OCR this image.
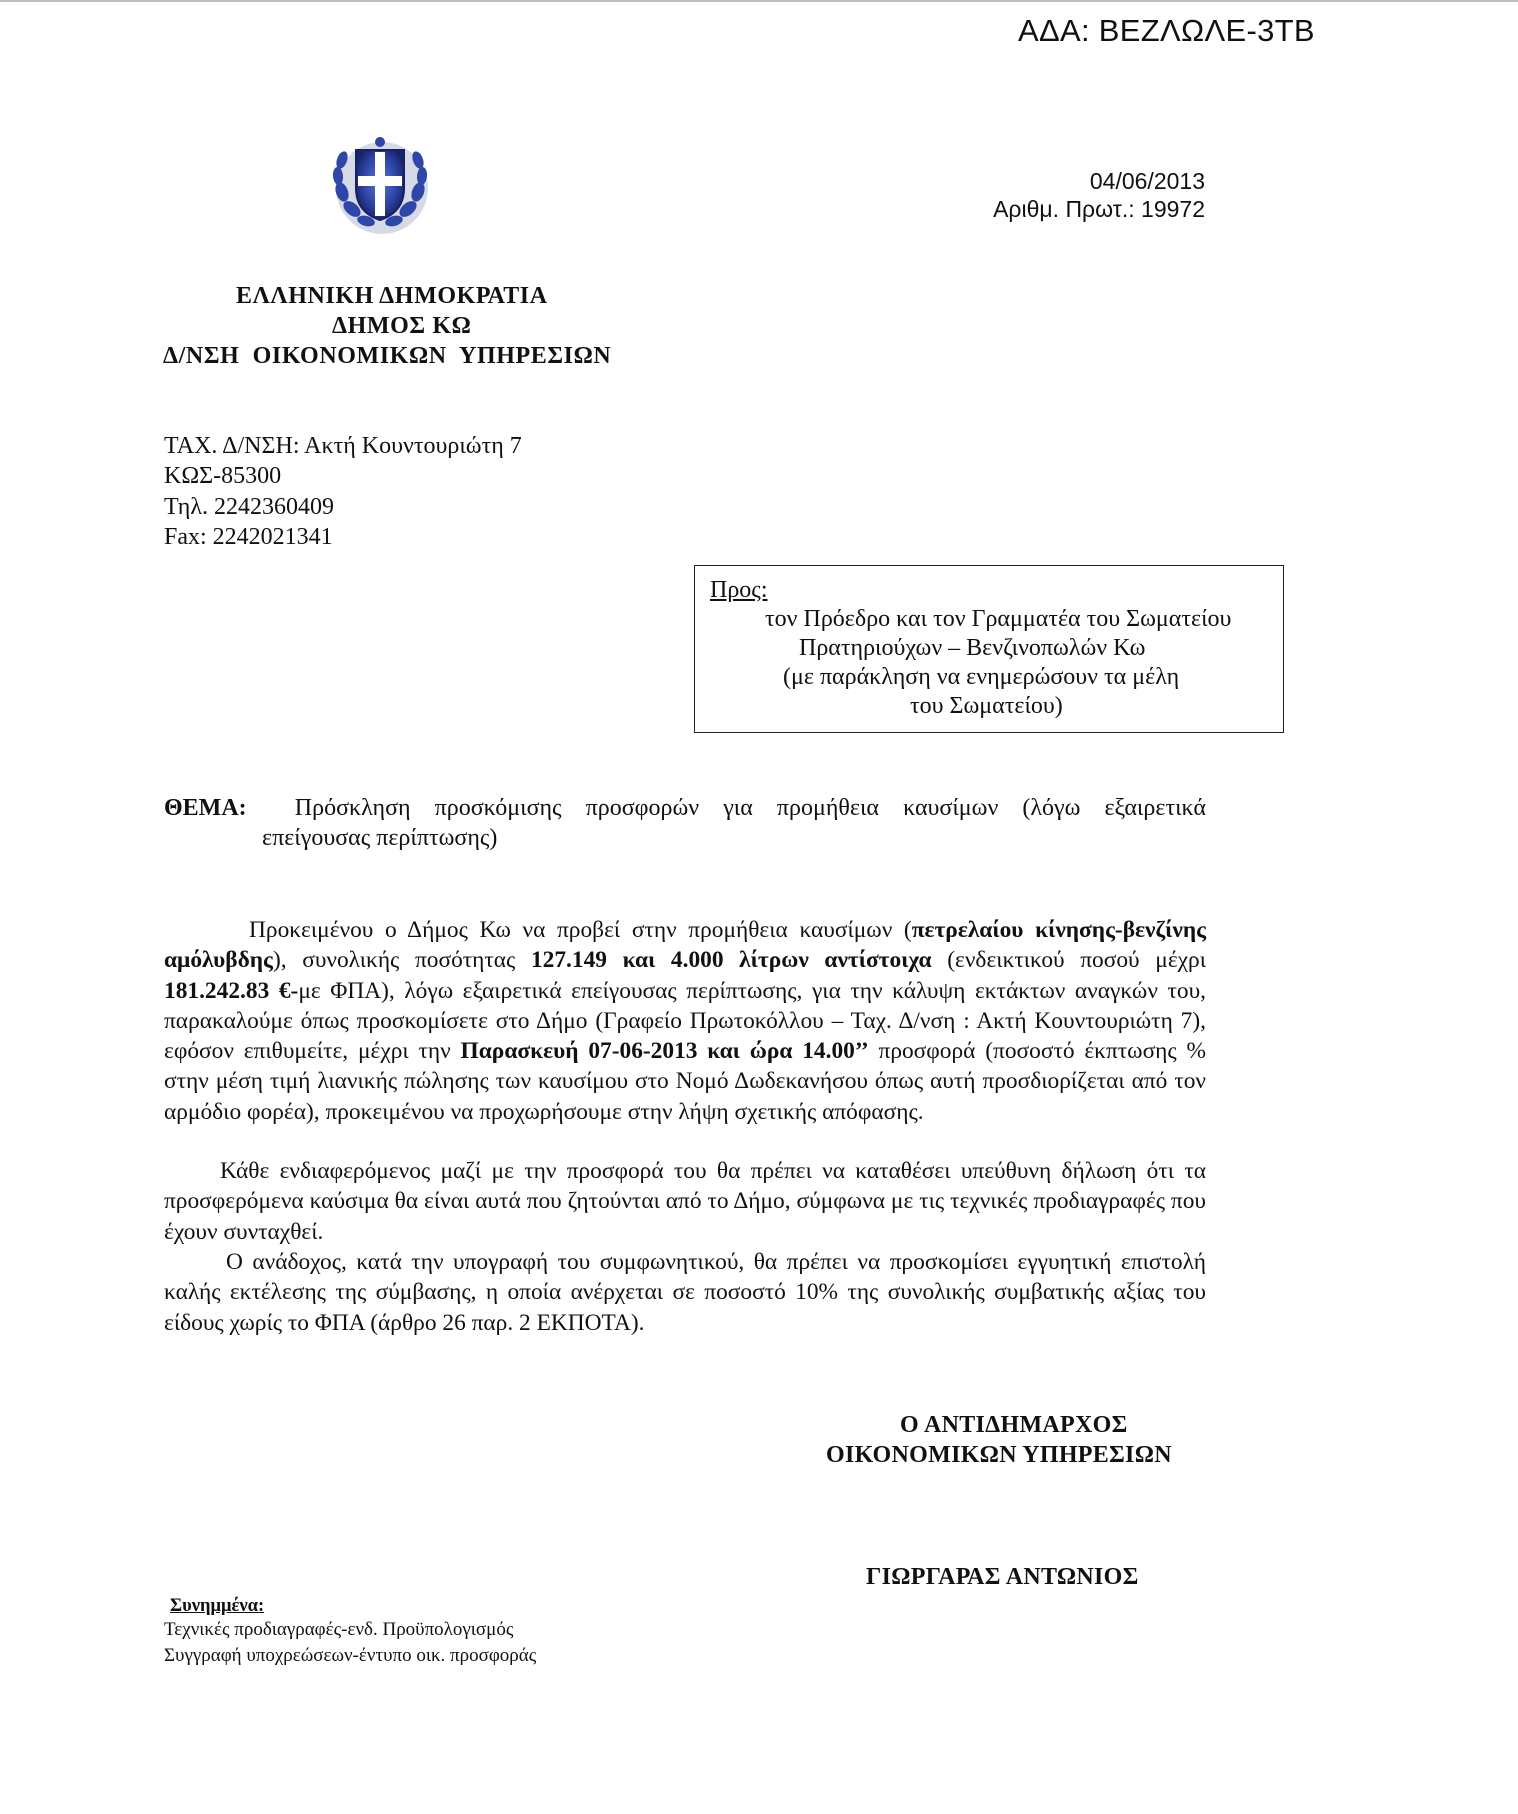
ΑΔΑ: ΒΕΖΛΩΛΕ-3ΤΒ
04/06/2013
Αριθμ. Πρωτ.: 19972
ΕΛΛΗΝΙΚΗ ΔΗΜΟΚΡΑΤΙΑ
ΔΗΜΟΣ ΚΩ
Δ/ΝΣΗ  ΟΙΚΟΝΟΜΙΚΩΝ  ΥΠΗΡΕΣΙΩΝ
ΤΑΧ. Δ/ΝΣΗ: Ακτή Κουντουριώτη 7
ΚΩΣ-85300
Τηλ. 2242360409
Fax: 2242021341
Προς:
τον Πρόεδρο και τον Γραμματέα του Σωματείου
Πρατηριούχων – Βενζινοπωλών Κω
(με παράκληση να ενημερώσουν τα μέλη
του Σωματείου)
ΘΕΜΑ: Πρόσκληση προσκόμισης προσφορών για προμήθεια καυσίμων (λόγω εξαιρετικά
επείγουσας περίπτωσης)
Προκειμένου ο Δήμος Κω να προβεί στην προμήθεια καυσίμων (πετρελαίου κίνησης-βενζίνης αμόλυβδης), συνολικής ποσότητας 127.149 και 4.000 λίτρων αντίστοιχα (ενδεικτικού ποσού μέχρι 181.242.83 €-με ΦΠΑ), λόγω εξαιρετικά επείγουσας περίπτωσης, για την κάλυψη εκτάκτων αναγκών του, παρακαλούμε όπως προσκομίσετε στο Δήμο (Γραφείο Πρωτοκόλλου – Ταχ. Δ/νση : Ακτή Κουντουριώτη 7), εφόσον επιθυμείτε, μέχρι την Παρασκευή 07-06-2013 και ώρα 14.00’’ προσφορά (ποσοστό έκπτωσης % στην μέση τιμή λιανικής πώλησης των καυσίμου στο Νομό Δωδεκανήσου όπως αυτή προσδιορίζεται από τον αρμόδιο φορέα), προκειμένου να προχωρήσουμε στην λήψη σχετικής απόφασης.
Κάθε ενδιαφερόμενος μαζί με την προσφορά του θα πρέπει να καταθέσει υπεύθυνη δήλωση ότι τα προσφερόμενα καύσιμα θα είναι αυτά που ζητούνται από το Δήμο, σύμφωνα με τις τεχνικές προδιαγραφές που έχουν συνταχθεί.
Ο ανάδοχος, κατά την υπογραφή του συμφωνητικού, θα πρέπει να προσκομίσει εγγυητική επιστολή καλής εκτέλεσης της σύμβασης, η οποία ανέρχεται σε ποσοστό 10% της συνολικής συμβατικής αξίας του είδους χωρίς το ΦΠΑ (άρθρο 26 παρ. 2 ΕΚΠΟΤΑ).
Ο ΑΝΤΙΔΗΜΑΡΧΟΣ
ΟΙΚΟΝΟΜΙΚΩΝ ΥΠΗΡΕΣΙΩΝ
ΓΙΩΡΓΑΡΑΣ ΑΝΤΩΝΙΟΣ
Συνημμένα:
Τεχνικές προδιαγραφές-ενδ. Προϋπολογισμός
Συγγραφή υποχρεώσεων-έντυπο οικ. προσφοράς
